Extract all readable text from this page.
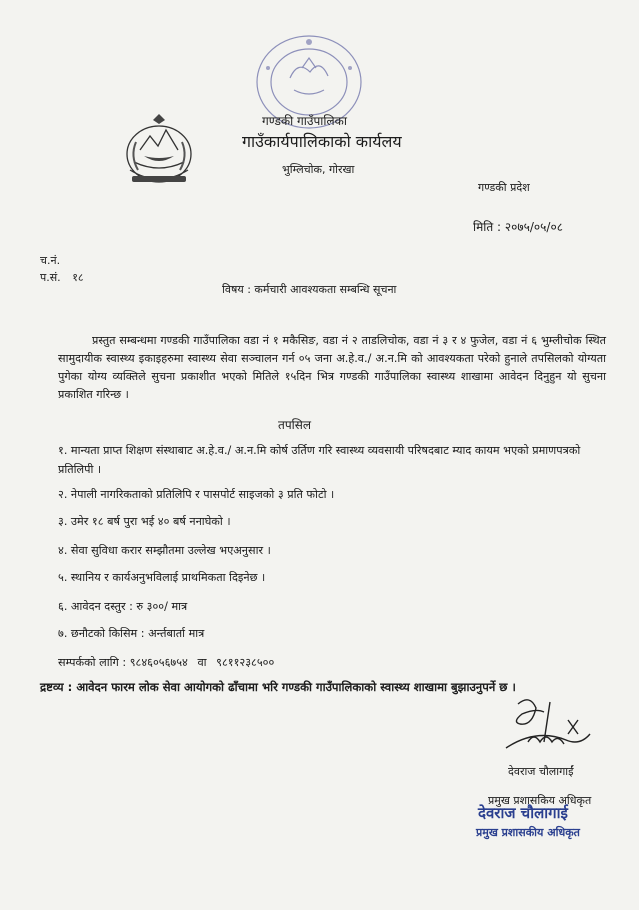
गण्डकी गाउँपालिका
गाउँकार्यपालिकाको कार्यलय
भुम्लिचोक, गोरखा
गण्डकी प्रदेश
मिति : २०७५/०५/०८
च.नं.
प.सं. १८
विषय : कर्मचारी आवश्यकता सम्बन्धि सूचना
प्रस्तुत सम्बन्धमा गण्डकी गाउँपालिका वडा नं १ मकैसिङ, वडा नं २ ताडलिचोक, वडा नं ३ र ४ फुजेल, वडा नं ६ भुम्लीचोक स्थित सामुदायीक स्वास्थ्य इकाइहरुमा स्वास्थ्य सेवा सञ्चालन गर्न ०५ जना अ.हे.व./ अ.न.मि को आवश्यकता परेको हुनाले तपसिलको योग्यता पुगेका योग्य व्यक्तिले सुचना प्रकाशीत भएको मितिले १५दिन भित्र गण्डकी गाउँपालिका स्वास्थ्य शाखामा आवेदन दिनुहुन यो सुचना प्रकाशित गरिन्छ ।
तपसिल
१. मान्यता प्राप्त शिक्षण संस्थाबाट अ.हे.व./ अ.न.मि कोर्ष उर्तिण गरि स्वास्थ्य व्यवसायी परिषदबाट म्याद कायम भएको प्रमाणपत्रको प्रतिलिपी ।
२. नेपाली नागरिकताको प्रतिलिपि र पासपोर्ट साइजको ३ प्रति फोटो ।
३. उमेर १८ बर्ष पुरा भई ४० बर्ष ननाघेको ।
४. सेवा सुविधा करार सम्झौतमा उल्लेख भएअनुसार ।
५. स्थानिय र कार्यअनुभविलाई प्राथमिकता दिइनेछ ।
६. आवेदन दस्तुर : रु ३००/ मात्र
७. छनौटको किसिम : अर्न्तबार्ता मात्र
सम्पर्कको लागि : ९८४६०५६७५४ वा ९८११२३८५००
द्रष्टव्य : आवेदन फारम लोक सेवा आयोगको ढाँचामा भरि गण्डकी गाउँपालिकाको स्वास्थ्य शाखामा बुझाउनुपर्ने छ ।
देवराज चौलागाईं
प्रमुख प्रशासकिय अधिकृत
देवराज चौलागाई
प्रमुख प्रशासकीय अधिकृत
